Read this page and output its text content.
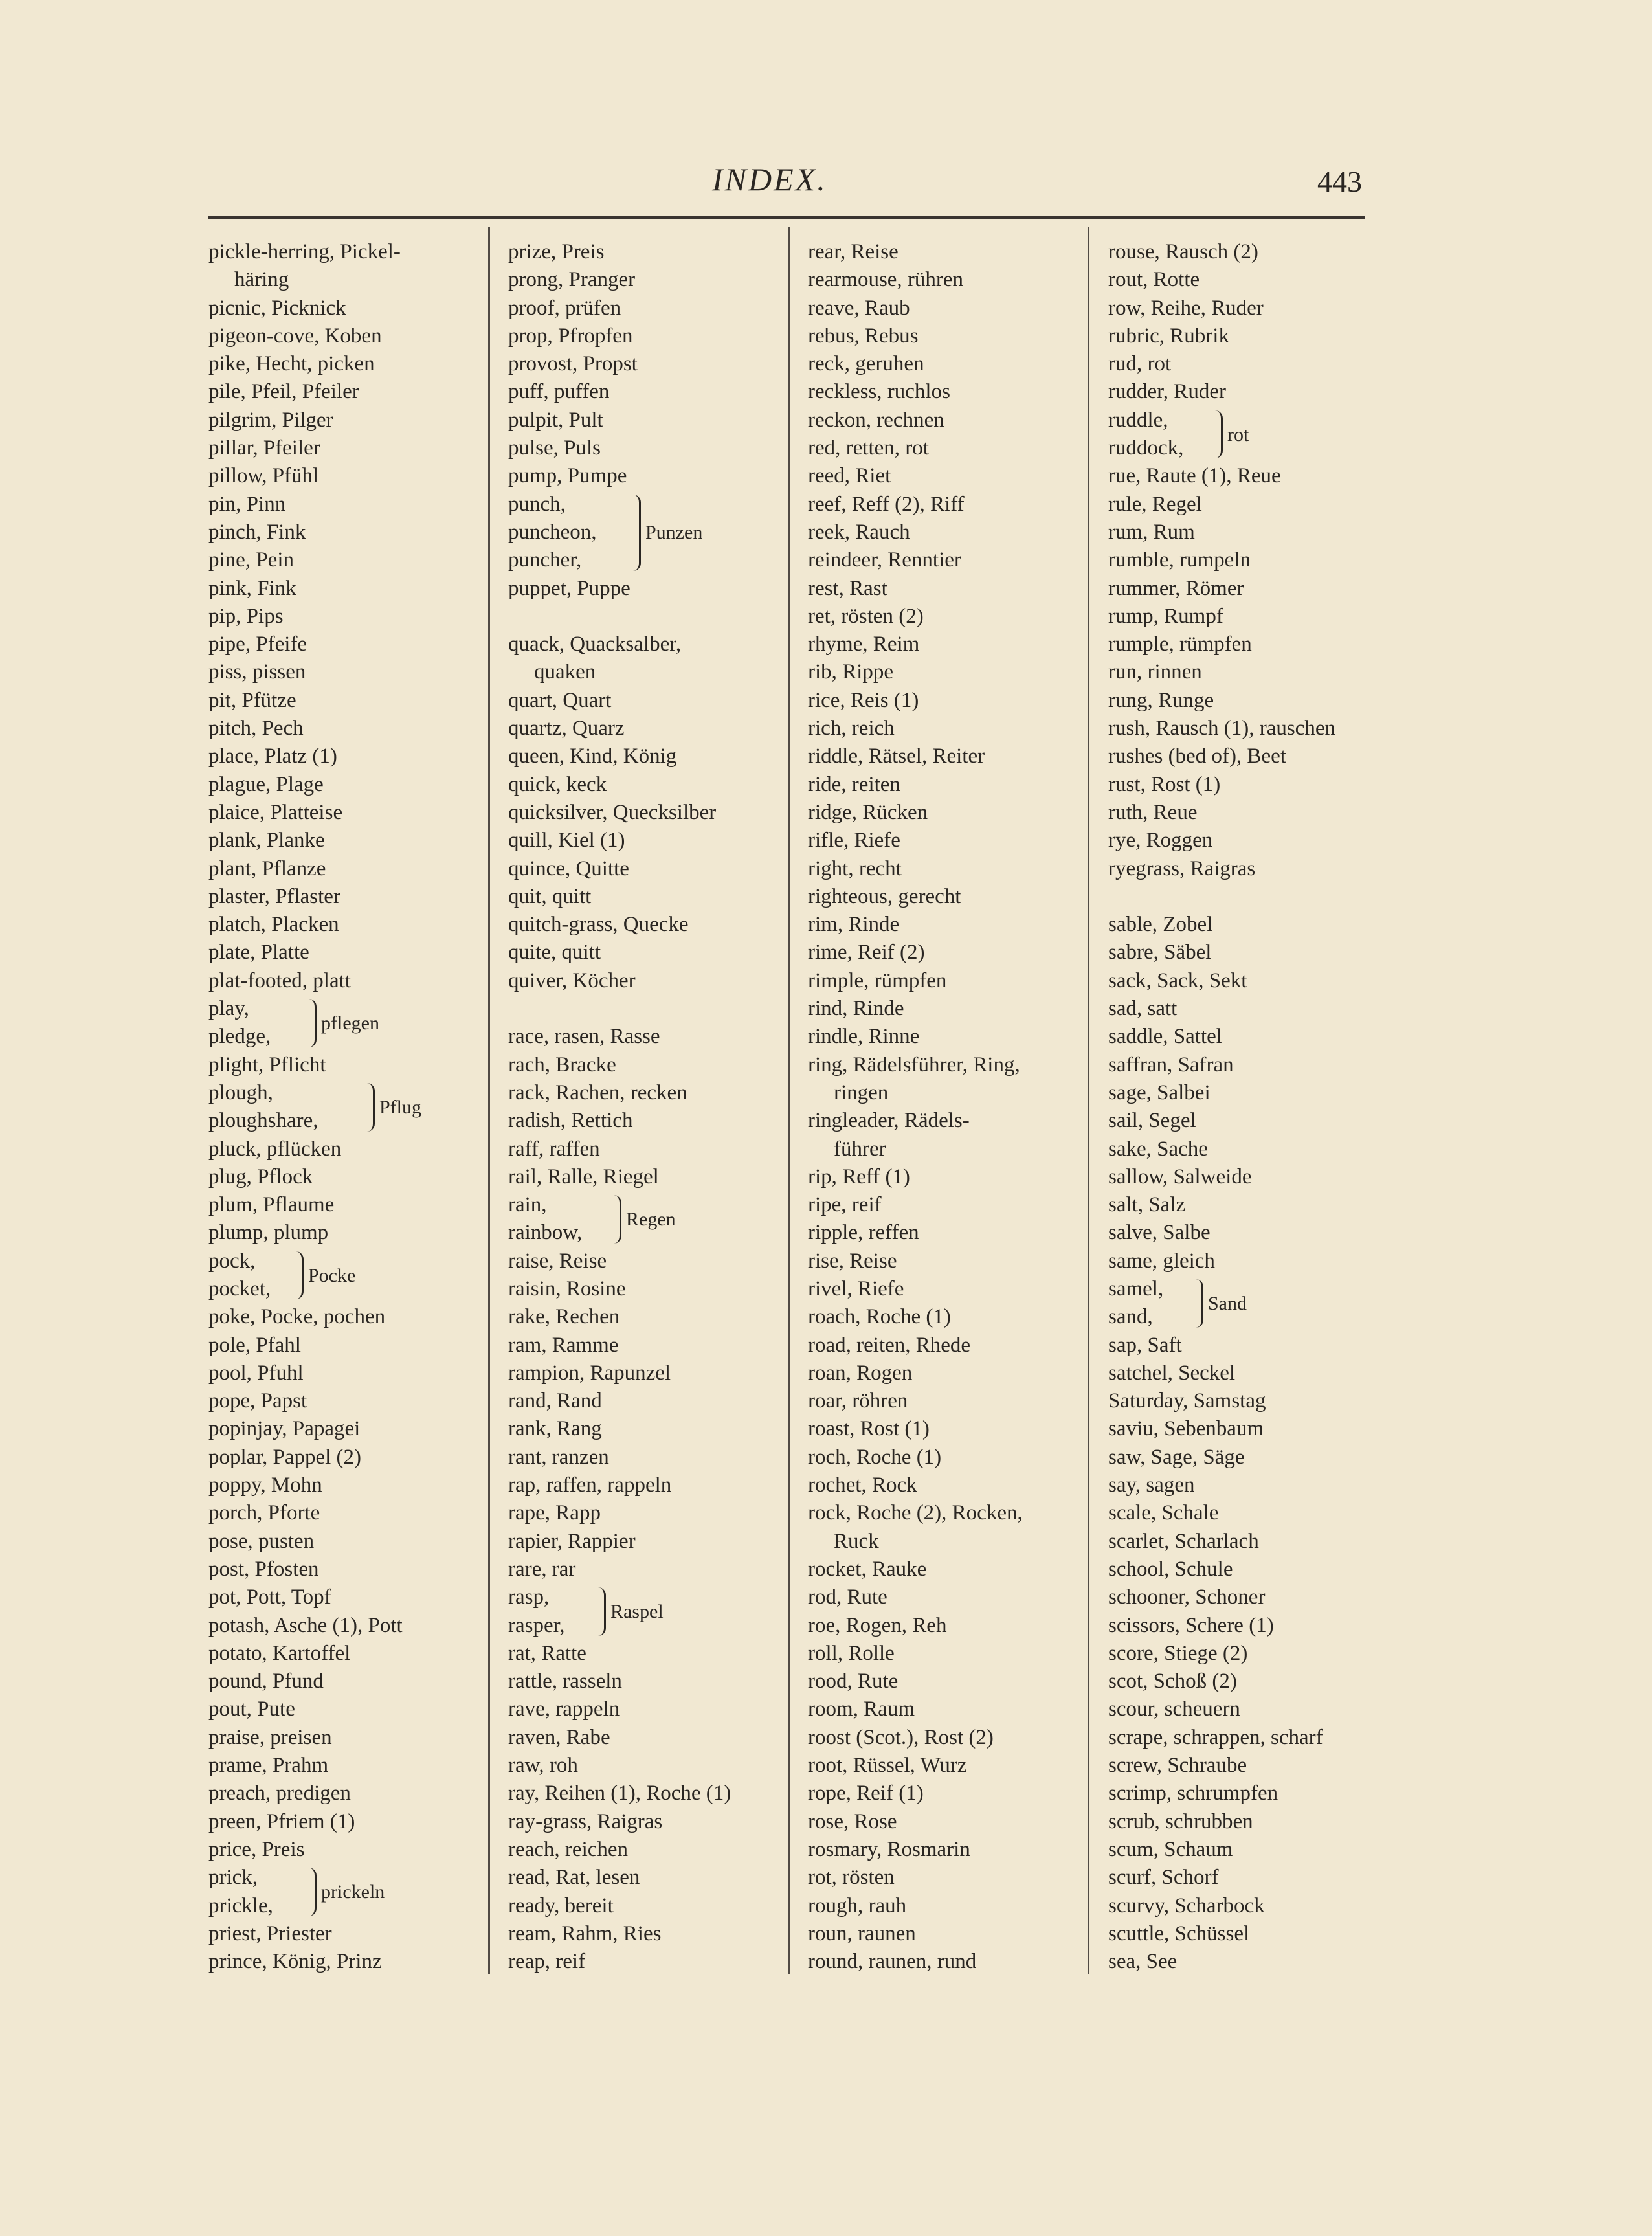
INDEX.	443
pickle-herring, Pickel-
häring
picnic, Picknick
pigeon-cove, Koben
pike, Hecht, picken
pile, Pfeil, Pfeiler
pilgrim, Pilger
pillar, Pfeiler
pillow, Pfühl
pin, Pinn
pinch, Fink
pine, Pein
pink, Fink
pip, Pips
pipe, Pfeife
piss, pissen
pit, Pfütze
pitch, Pech
place, Platz (1)
plague, Plage
plaice, Platteise
plank, Planke
plant, Pflanze
plaster, Pflaster
platch, Placken
plate, Platte
plat-footed, platt
play,
pledge,
pflegen
plight, Pflicht
plough,
ploughshare,
Pflug
pluck, pflücken
plug, Pflock
plum, Pflaume
plump, plump
pock,
pocket,
Pocke
poke, Pocke, pochen
pole, Pfahl
pool, Pfuhl
pope, Papst
popinjay, Papagei
poplar, Pappel (2)
poppy, Mohn
porch, Pforte
pose, pusten
post, Pfosten
pot, Pott, Topf
potash, Asche (1), Pott
potato, Kartoffel
pound, Pfund
pout, Pute
praise, preisen
prame, Prahm
preach, predigen
preen, Pfriem (1)
price, Preis
prick,
prickle,
prickeln
priest, Priester
prince, König, Prinz
prize, Preis
prong, Pranger
proof, prüfen
prop, Pfropfen
provost, Propst
puff, puffen
pulpit, Pult
pulse, Puls
pump, Pumpe
punch,
puncheon,
puncher,
Punzen
puppet, Puppe
quack, Quacksalber,
quaken
quart, Quart
quartz, Quarz
queen, Kind, König
quick, keck
quicksilver, Quecksilber
quill, Kiel (1)
quince, Quitte
quit, quitt
quitch-grass, Quecke
quite, quitt
quiver, Köcher
race, rasen, Rasse
rach, Bracke
rack, Rachen, recken
radish, Rettich
raff, raffen
rail, Ralle, Riegel
rain,
rainbow,
Regen
raise, Reise
raisin, Rosine
rake, Rechen
ram, Ramme
rampion, Rapunzel
rand, Rand
rank, Rang
rant, ranzen
rap, raffen, rappeln
rape, Rapp
rapier, Rappier
rare, rar
rasp,
rasper,
Raspel
rat, Ratte
rattle, rasseln
rave, rappeln
raven, Rabe
raw, roh
ray, Reihen (1), Roche (1)
ray-grass, Raigras
reach, reichen
read, Rat, lesen
ready, bereit
ream, Rahm, Ries
reap, reif
rear, Reise
rearmouse, rühren
reave, Raub
rebus, Rebus
reck, geruhen
reckless, ruchlos
reckon, rechnen
red, retten, rot
reed, Riet
reef, Reff (2), Riff
reek, Rauch
reindeer, Renntier
rest, Rast
ret, rösten (2)
rhyme, Reim
rib, Rippe
rice, Reis (1)
rich, reich
riddle, Rätsel, Reiter
ride, reiten
ridge, Rücken
rifle, Riefe
right, recht
righteous, gerecht
rim, Rinde
rime, Reif (2)
rimple, rümpfen
rind, Rinde
rindle, Rinne
ring, Rädelsführer, Ring,
ringen
ringleader, Rädels-
führer
rip, Reff (1)
ripe, reif
ripple, reffen
rise, Reise
rivel, Riefe
roach, Roche (1)
road, reiten, Rhede
roan, Rogen
roar, röhren
roast, Rost (1)
roch, Roche (1)
rochet, Rock
rock, Roche (2), Rocken,
Ruck
rocket, Rauke
rod, Rute
roe, Rogen, Reh
roll, Rolle
rood, Rute
room, Raum
roost (Scot.), Rost (2)
root, Rüssel, Wurz
rope, Reif (1)
rose, Rose
rosmary, Rosmarin
rot, rösten
rough, rauh
roun, raunen
round, raunen, rund
rouse, Rausch (2)
rout, Rotte
row, Reihe, Ruder
rubric, Rubrik
rud, rot
rudder, Ruder
ruddle,
ruddock,
rot
rue, Raute (1), Reue
rule, Regel
rum, Rum
rumble, rumpeln
rummer, Römer
rump, Rumpf
rumple, rümpfen
run, rinnen
rung, Runge
rush, Rausch (1), rauschen
rushes (bed of), Beet
rust, Rost (1)
ruth, Reue
rye, Roggen
ryegrass, Raigras
sable, Zobel
sabre, Säbel
sack, Sack, Sekt
sad, satt
saddle, Sattel
saffran, Safran
sage, Salbei
sail, Segel
sake, Sache
sallow, Salweide
salt, Salz
salve, Salbe
same, gleich
samel,
sand,
Sand
sap, Saft
satchel, Seckel
Saturday, Samstag
saviu, Sebenbaum
saw, Sage, Säge
say, sagen
scale, Schale
scarlet, Scharlach
school, Schule
schooner, Schoner
scissors, Schere (1)
score, Stiege (2)
scot, Schoß (2)
scour, scheuern
scrape, schrappen, scharf
screw, Schraube
scrimp, schrumpfen
scrub, schrubben
scum, Schaum
scurf, Schorf
scurvy, Scharbock
scuttle, Schüssel
sea, See
